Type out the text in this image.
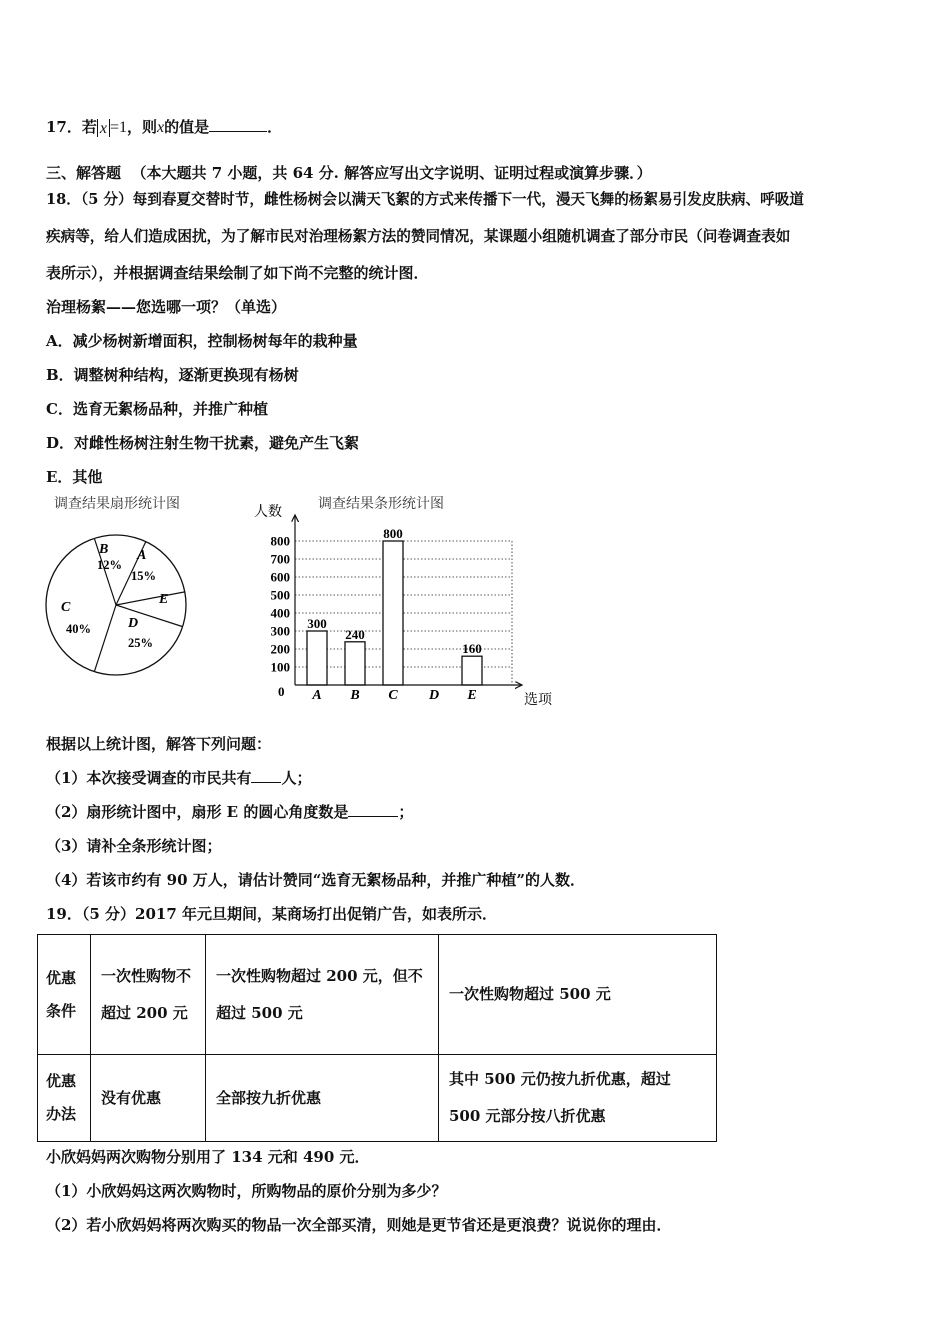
17．若 x =1，则x的值是	．
三、解答题 （本大题共 7 小题，共 64 分. 解答应写出文字说明、证明过程或演算步骤．）
18．（5 分）每到春夏交替时节，雌性杨树会以满天飞絮的方式来传播下一代，漫天飞舞的杨絮易引发皮肤病、呼吸道
疾病等，给人们造成困扰，为了解市民对治理杨絮方法的赞同情况，某课题小组随机调查了部分市民（问卷调查表如
表所示），并根据调查结果绘制了如下尚不完整的统计图．
治理杨絮——您选哪一项？（单选）
A．减少杨树新增面积，控制杨树每年的栽种量
B．调整树种结构，逐渐更换现有杨树
C．选育无絮杨品种，并推广种植
D．对雌性杨树注射生物干扰素，避免产生飞絮
E．其他
调查结果扇形统计图
B
12%
A
15%
E
C
40%	D
25%
调查结果条形统计图
人数
100
200
300
400
500
600
700
800
300
A
240
B
800
C D
160
E
0
选项
根据以上统计图，解答下列问题：
（1）本次接受调查的市民共有 人；
（2）扇形统计图中，扇形 E 的圆心角度数是	；
（3）请补全条形统计图；
（4）若该市约有 90 万人，请估计赞同“选育无絮杨品种，并推广种植”的人数．
19．（5 分）2017 年元旦期间，某商场打出促销广告，如表所示．
优惠条件	一次性购物不超过 200 元	一次性购物超过 200 元，但不超过 500 元	一次性购物超过 500 元
优惠办法	没有优惠	全部按九折优惠	其中 500 元仍按九折优惠，超过 500 元部分按八折优惠
小欣妈妈两次购物分别用了 134 元和 490 元．
（1）小欣妈妈这两次购物时，所购物品的原价分别为多少？
（2）若小欣妈妈将两次购买的物品一次全部买清，则她是更节省还是更浪费？说说你的理由．
